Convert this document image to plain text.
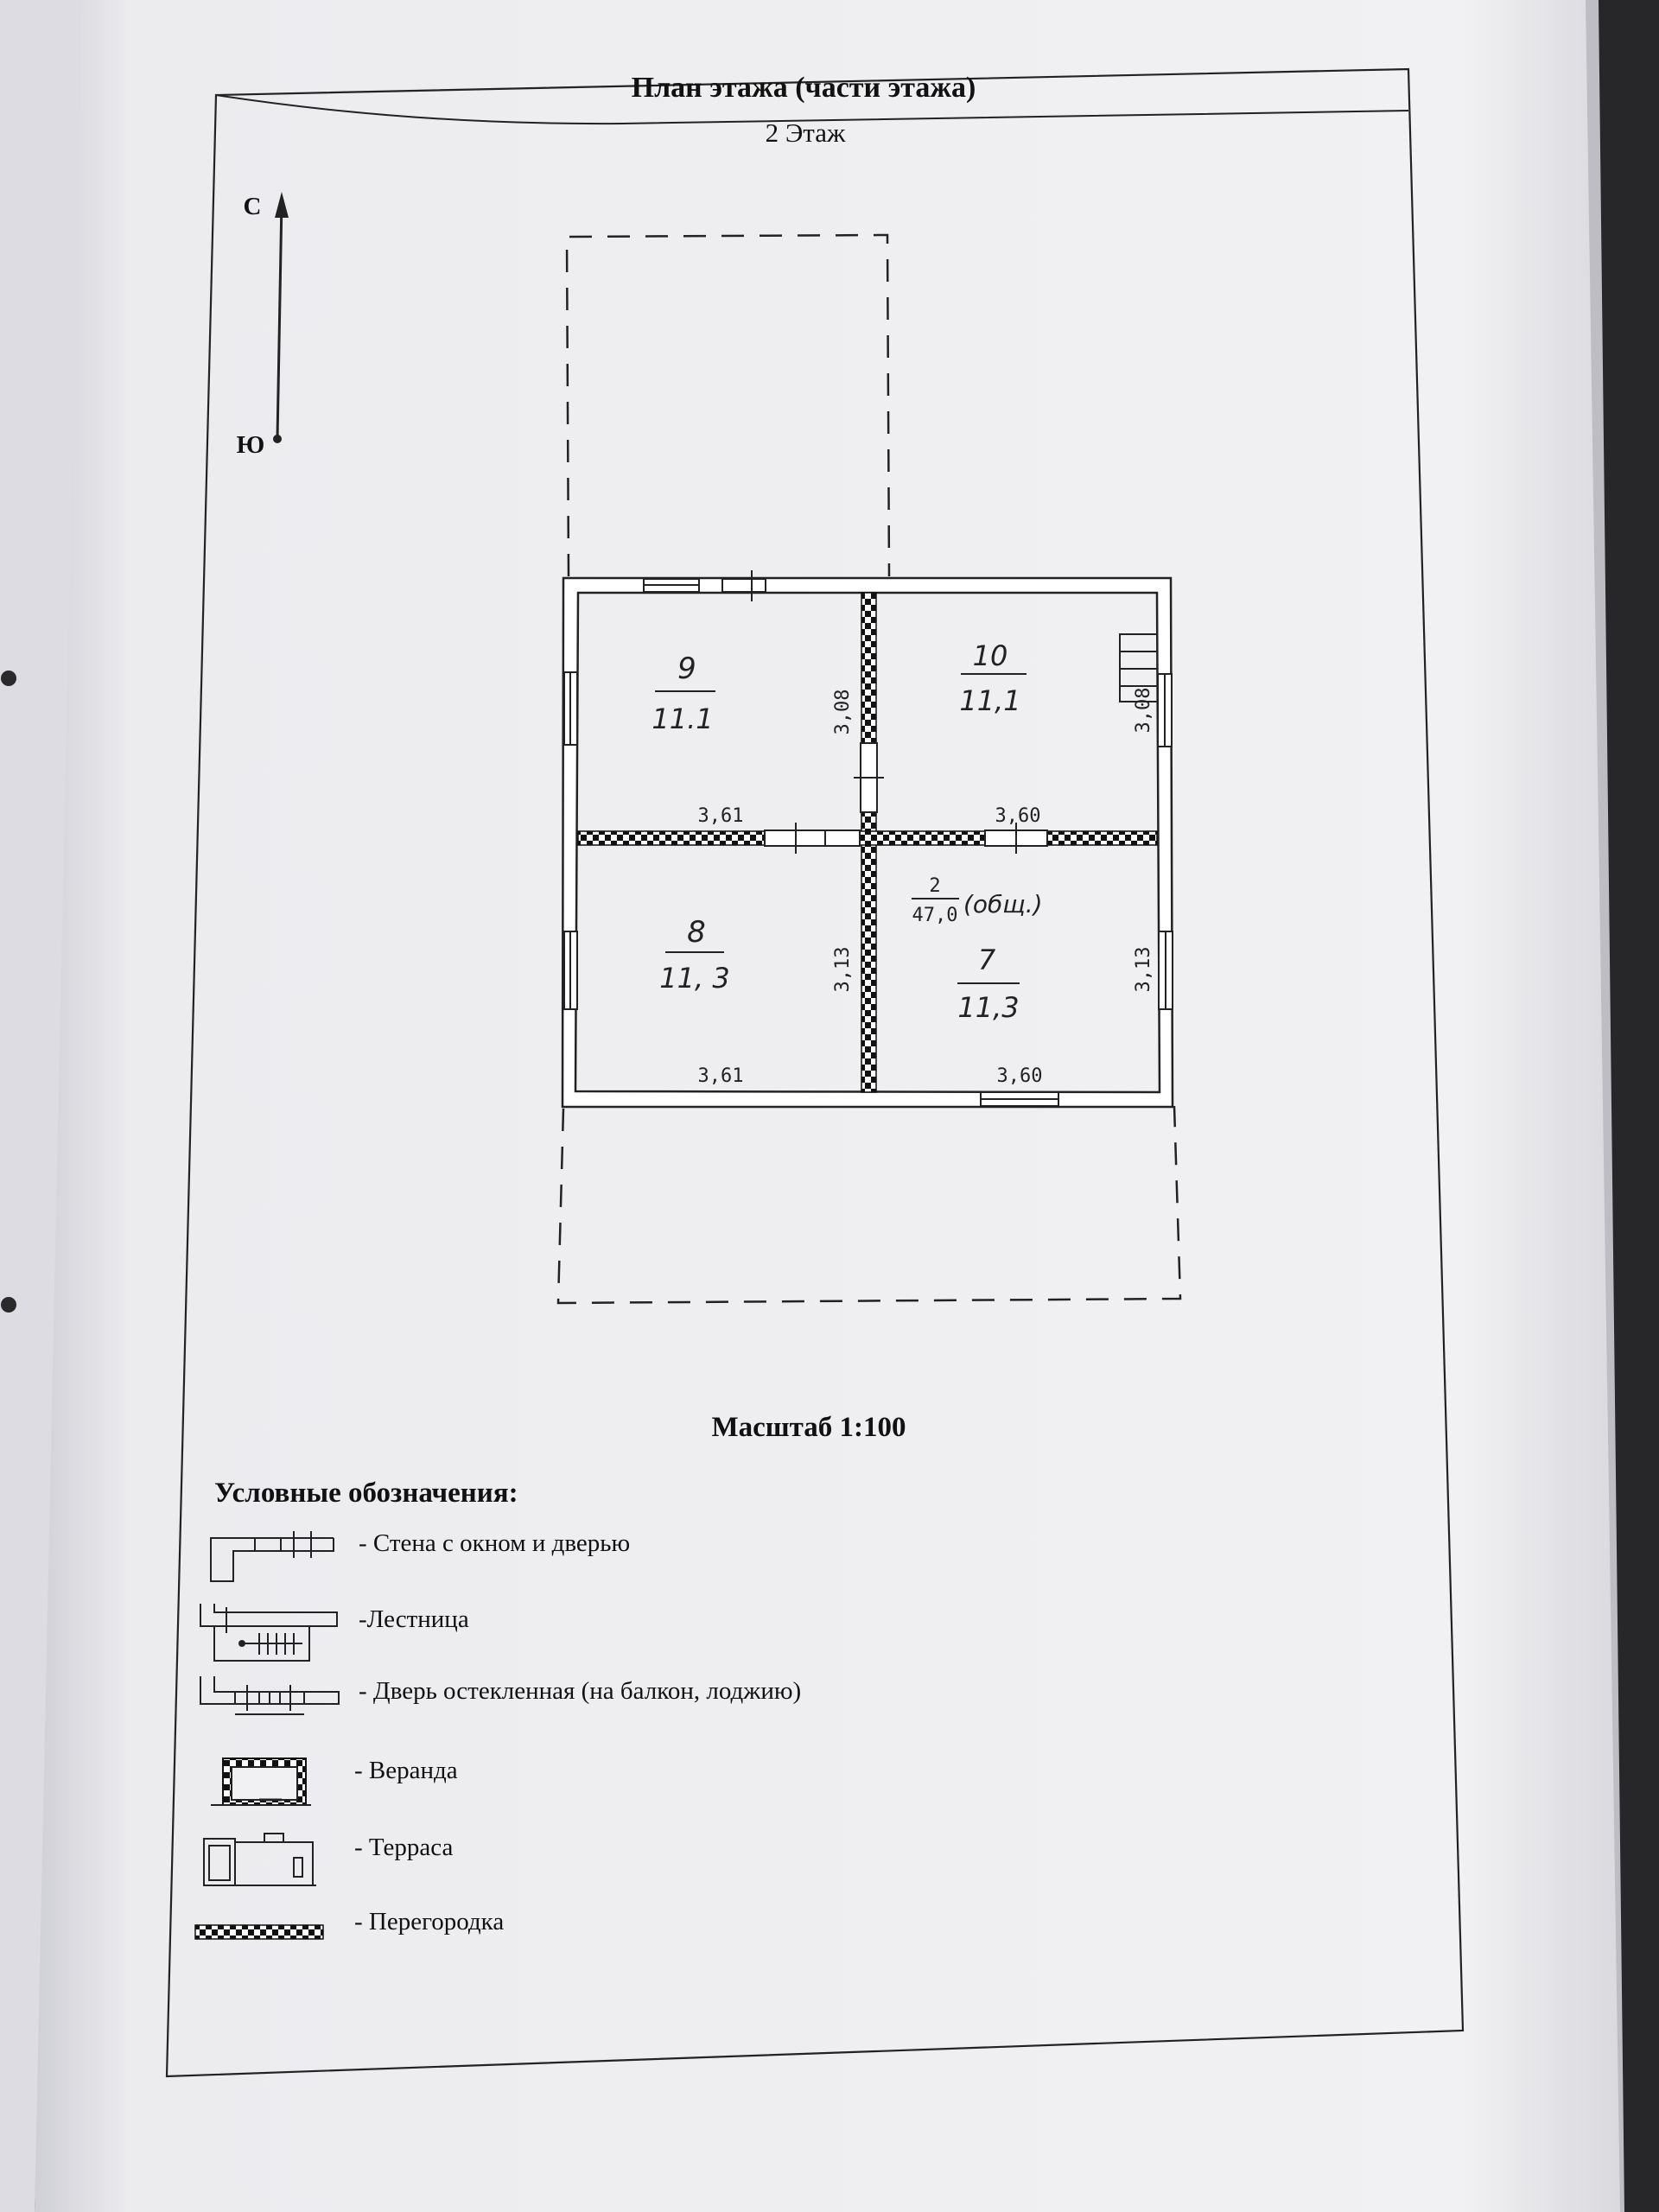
План этажа (части этажа)
2 Этаж
С
Ю
9
11.1	3,08
3,61
10
11,1	3,08
3,60
8
11, 3	3,13
3,61
7
11,3
3,13
3,60
2
47,0 (общ.)
Масштаб 1:100
Условные обозначения:
- Стена с окном и дверью
-Лестница
- Дверь остекленная (на балкон, лоджию)
- Веранда
- Терраса
- Перегородка
